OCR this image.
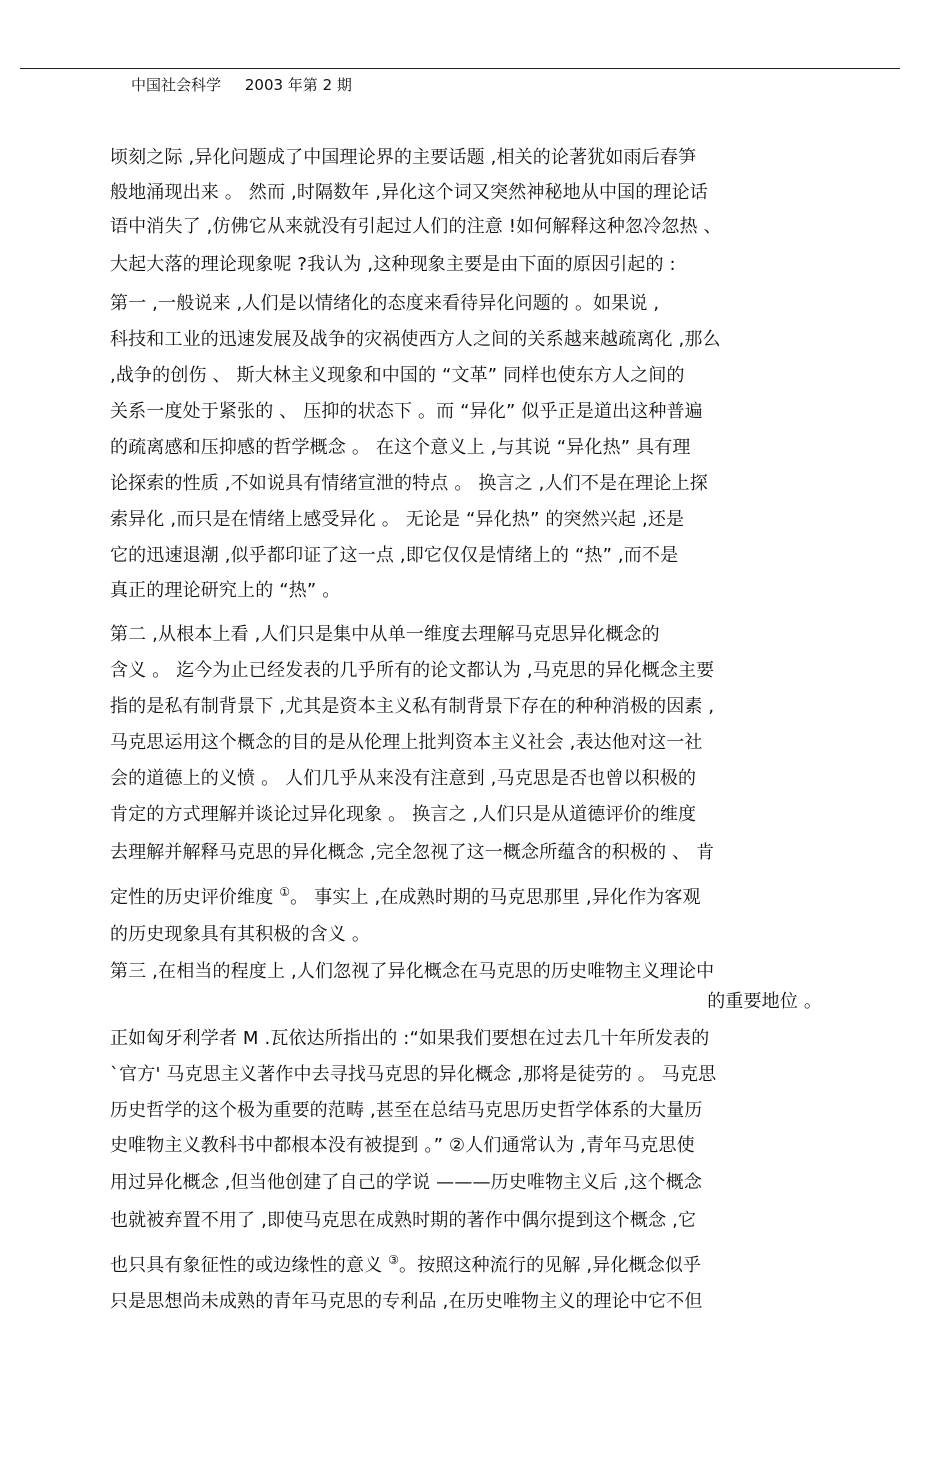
中国社会科学 2003 年第 2 期
顷刻之际 ,异化问题成了中国理论界的主要话题 ,相关的论著犹如雨后春笋
般地涌现出来 。 然而 ,时隔数年 ,异化这个词又突然神秘地从中国的理论话
语中消失了 ,仿佛它从来就没有引起过人们的注意 !如何解释这种忽冷忽热 、
大起大落的理论现象呢 ?我认为 ,这种现象主要是由下面的原因引起的 :
第一 ,一般说来 ,人们是以情绪化的态度来看待异化问题的 。如果说 ,
科技和工业的迅速发展及战争的灾祸使西方人之间的关系越来越疏离化 ,那么
,战争的创伤 、 斯大林主义现象和中国的 “文革” 同样也使东方人之间的
关系一度处于紧张的 、 压抑的状态下 。而 “异化” 似乎正是道出这种普遍
的疏离感和压抑感的哲学概念 。 在这个意义上 ,与其说 “异化热” 具有理
论探索的性质 ,不如说具有情绪宣泄的特点 。 换言之 ,人们不是在理论上探
索异化 ,而只是在情绪上感受异化 。 无论是 “异化热” 的突然兴起 ,还是
它的迅速退潮 ,似乎都印证了这一点 ,即它仅仅是情绪上的 “热” ,而不是
真正的理论研究上的 “热” 。
第二 ,从根本上看 ,人们只是集中从单一维度去理解马克思异化概念的
含义 。 迄今为止已经发表的几乎所有的论文都认为 ,马克思的异化概念主要
指的是私有制背景下 ,尤其是资本主义私有制背景下存在的种种消极的因素 ,
马克思运用这个概念的目的是从伦理上批判资本主义社会 ,表达他对这一社
会的道德上的义愤 。 人们几乎从来没有注意到 ,马克思是否也曾以积极的
肯定的方式理解并谈论过异化现象 。 换言之 ,人们只是从道德评价的维度
去理解并解释马克思的异化概念 ,完全忽视了这一概念所蕴含的积极的 、 肯
定性的历史评价维度 ①。 事实上 ,在成熟时期的马克思那里 ,异化作为客观
的历史现象具有其积极的含义 。
第三 ,在相当的程度上 ,人们忽视了异化概念在马克思的历史唯物主义理论中
的重要地位 。
正如匈牙利学者 M .瓦依达所指出的 :“如果我们要想在过去几十年所发表的
`官方' 马克思主义著作中去寻找马克思的异化概念 ,那将是徒劳的 。 马克思
历史哲学的这个极为重要的范畴 ,甚至在总结马克思历史哲学体系的大量历
史唯物主义教科书中都根本没有被提到 。” ②人们通常认为 ,青年马克思使
用过异化概念 ,但当他创建了自己的学说 ———历史唯物主义后 ,这个概念
也就被弃置不用了 ,即使马克思在成熟时期的著作中偶尔提到这个概念 ,它
也只具有象征性的或边缘性的意义 ③。按照这种流行的见解 ,异化概念似乎
只是思想尚未成熟的青年马克思的专利品 ,在历史唯物主义的理论中它不但
